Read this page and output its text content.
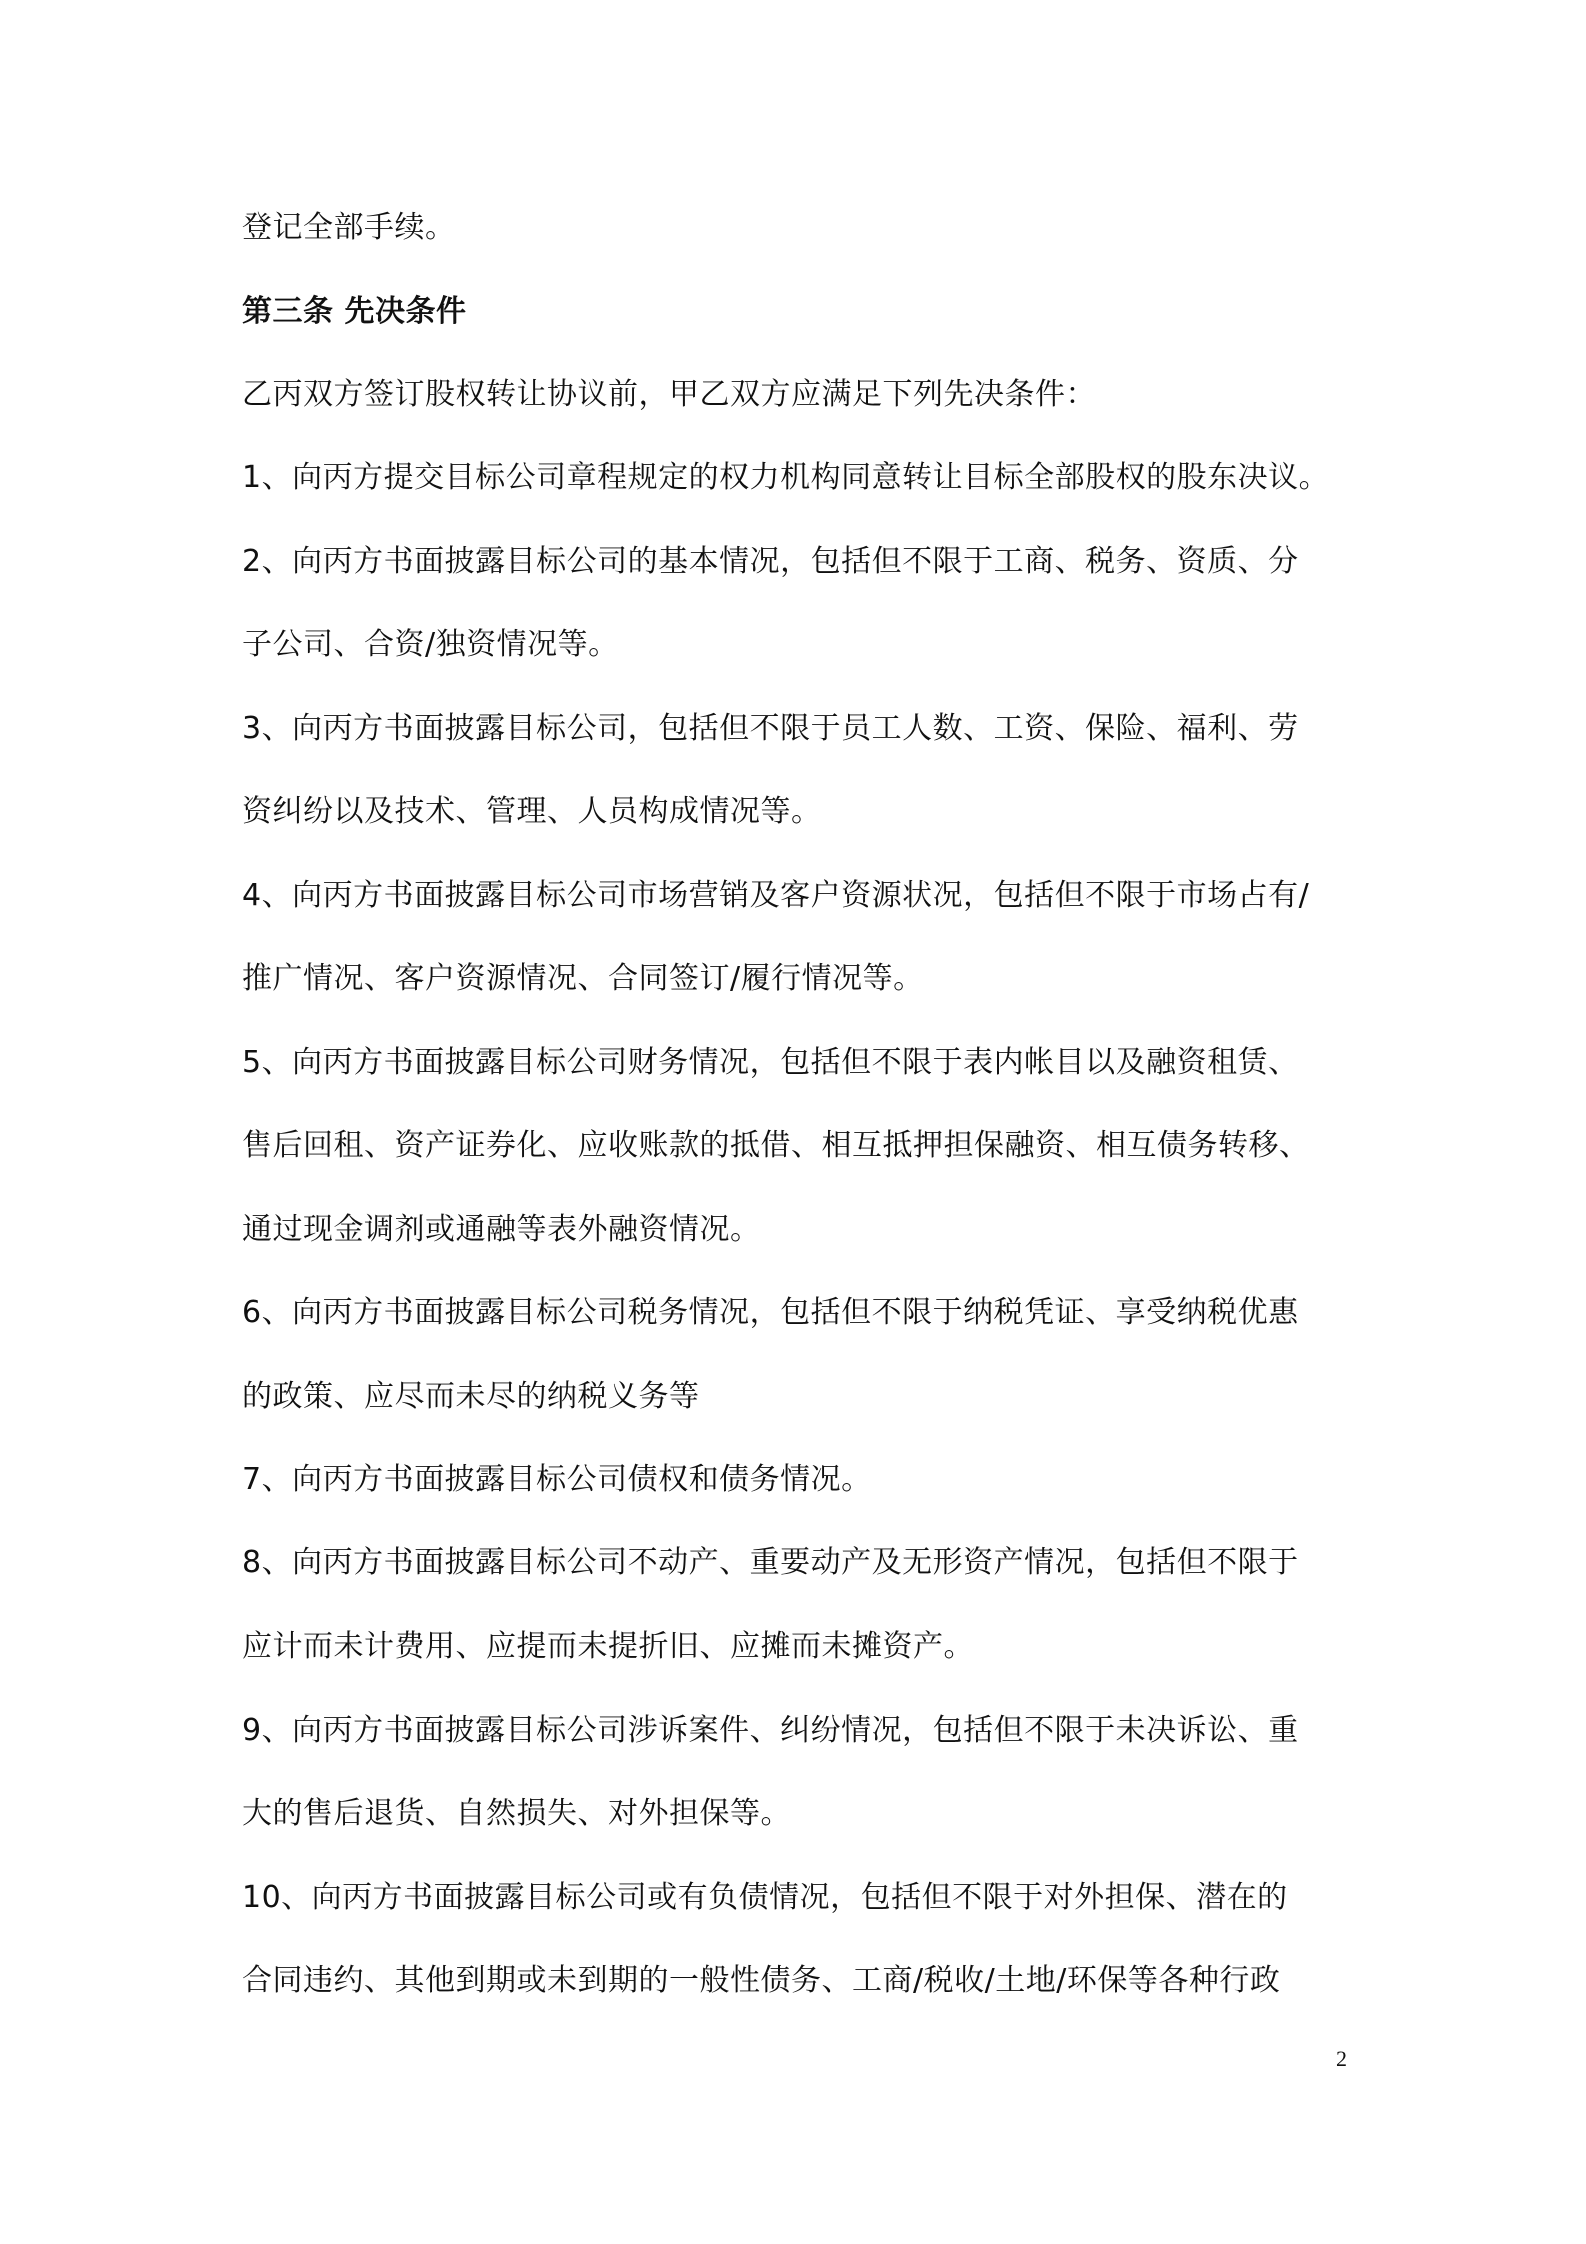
登记全部手续。
第三条 先决条件
乙丙双方签订股权转让协议前，甲乙双方应满足下列先决条件：
1、向丙方提交目标公司章程规定的权力机构同意转让目标全部股权的股东决议。
2、向丙方书面披露目标公司的基本情况，包括但不限于工商、税务、资质、分
子公司、合资/独资情况等。
3、向丙方书面披露目标公司，包括但不限于员工人数、工资、保险、福利、劳
资纠纷以及技术、管理、人员构成情况等。
4、向丙方书面披露目标公司市场营销及客户资源状况，包括但不限于市场占有/
推广情况、客户资源情况、合同签订/履行情况等。
5、向丙方书面披露目标公司财务情况，包括但不限于表内帐目以及融资租赁、
售后回租、资产证券化、应收账款的抵借、相互抵押担保融资、相互债务转移、
通过现金调剂或通融等表外融资情况。
6、向丙方书面披露目标公司税务情况，包括但不限于纳税凭证、享受纳税优惠
的政策、应尽而未尽的纳税义务等
7、向丙方书面披露目标公司债权和债务情况。
8、向丙方书面披露目标公司不动产、重要动产及无形资产情况，包括但不限于
应计而未计费用、应提而未提折旧、应摊而未摊资产。
9、向丙方书面披露目标公司涉诉案件、纠纷情况，包括但不限于未决诉讼、重
大的售后退货、自然损失、对外担保等。
10、向丙方书面披露目标公司或有负债情况，包括但不限于对外担保、潜在的
合同违约、其他到期或未到期的一般性债务、工商/税收/土地/环保等各种行政
2
